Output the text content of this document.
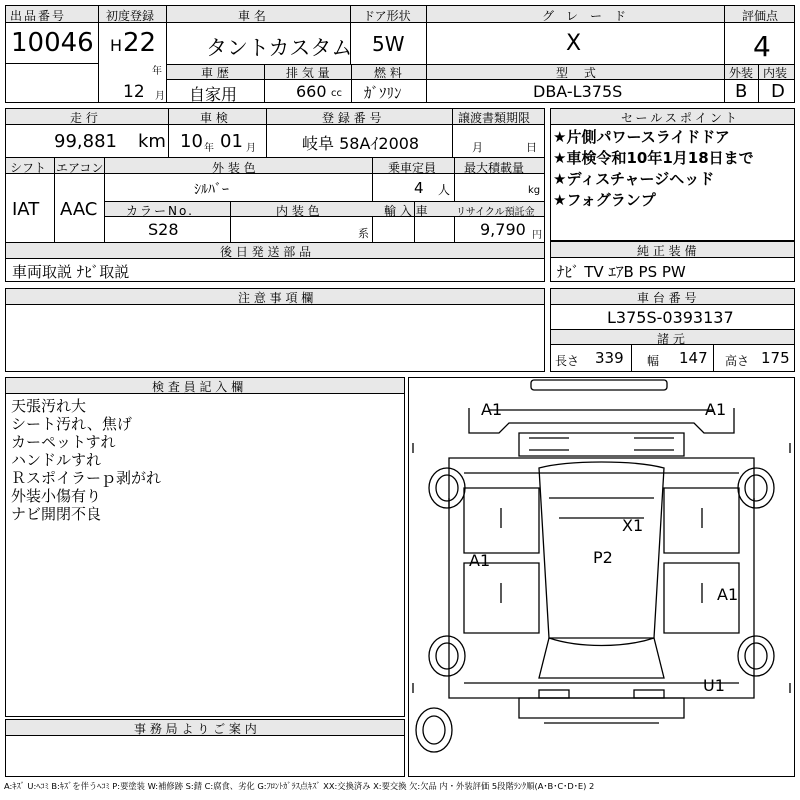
出品番号
10046
初度登録
H 22
年
12 月
車 名
タントカスタム
ドア形状
5W
グレード
X
評価点
4
車 歴
自家用
排 気 量
660 cc
燃 料
ｶﾞｿﾘﾝ
型 式
DBA-L375S
外装
B
内装
D
走 行
99,881 km
車 検
10 年 01 月
登 録 番 号
岐阜 58Aｲ2008
譲渡書類期限
月	日
シフト
IAT
エアコン
AAC
外 装 色
ｼﾙﾊﾞｰ
乗車定員
4 人
最大積載量
kg
カラーNo.
S28
内 装 色
系
輸 入 車	リサイクル預託金
9,790 円
後 日 発 送 部 品
車両取説 ﾅﾋﾞ取説
セールスポイント
★片側パワースライドドア
★車検令和10年1月18日まで
★ディスチャージヘッド
★フォグランプ
純 正 装 備
ﾅﾋﾞ TV ｴｱB PS PW
注 意 事 項 欄	車 台 番 号
L375S-0393137
諸 元
長さ 339 幅 147 高さ 175
検 査 員 記 入 欄
天張汚れ大
シート汚れ、焦げ
カーペットすれ
ハンドルすれ
Ｒスポイラーｐ剥がれ
外装小傷有り
ナビ開閉不良
事 務 局 よ り ご 案 内
A1	A1
X1
P2
A1
A1
U1
A:ｷｽﾞ U:ﾍｺﾐ B:ｷｽﾞを伴うﾍｺﾐ P:要塗装 W:補修跡 S:錆 C:腐食、劣化 G:ﾌﾛﾝﾄｶﾞﾗｽ点ｷｽﾞ XX:交換済み X:要交換 欠:欠品 内・外装評価 5段階ﾗﾝｸ順(A･B･C･D･E) 2
